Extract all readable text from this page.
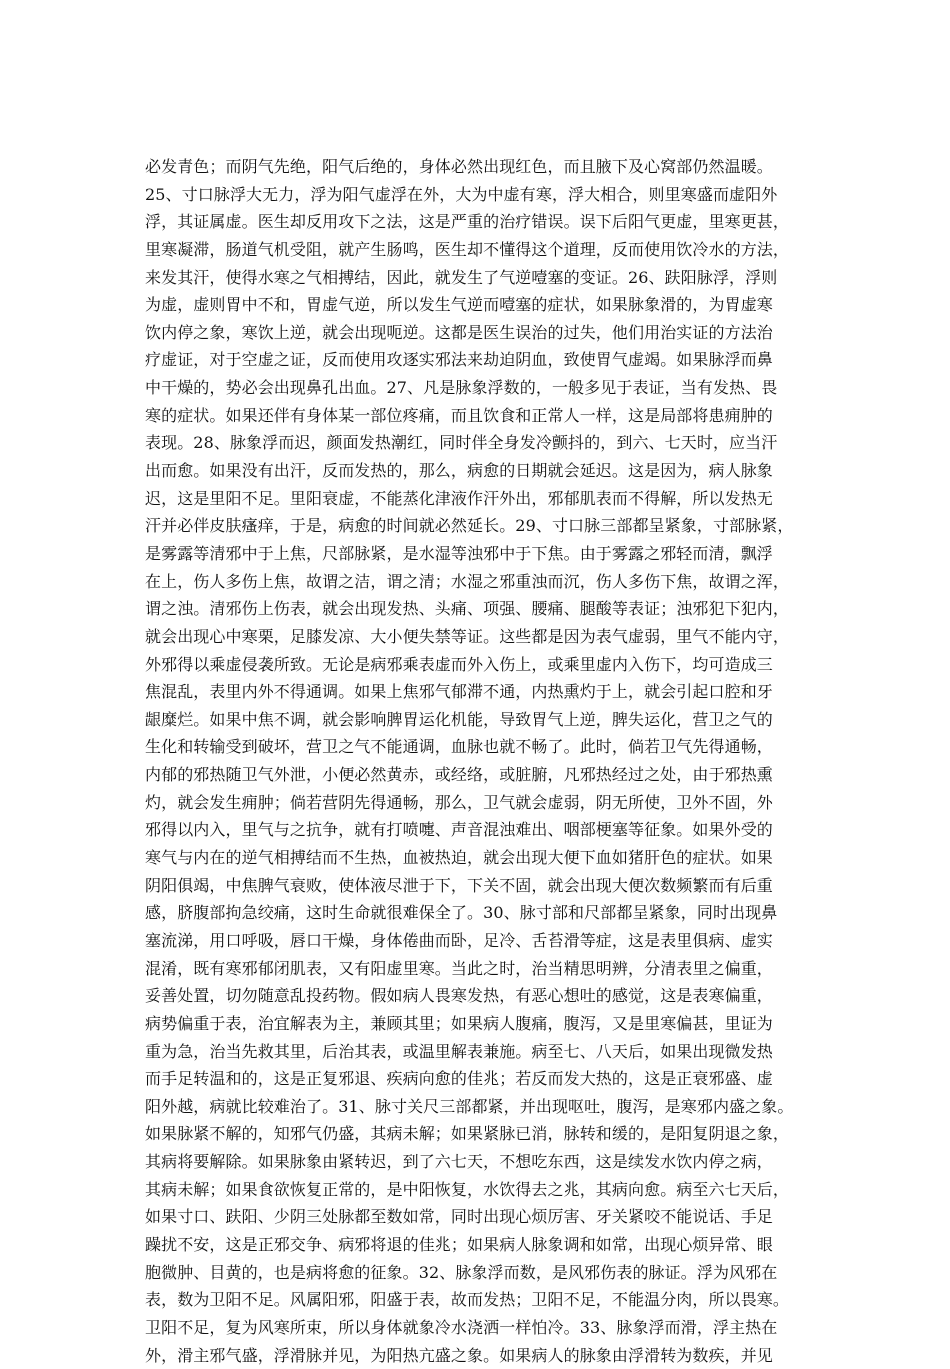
必发青色；而阴气先绝，阳气后绝的，身体必然出现红色，而且腋下及心窝部仍然温暖。
25、寸口脉浮大无力，浮为阳气虚浮在外，大为中虚有寒，浮大相合，则里寒盛而虚阳外
浮，其证属虚。医生却反用攻下之法，这是严重的治疗错误。误下后阳气更虚，里寒更甚，
里寒凝滞，肠道气机受阻，就产生肠鸣，医生却不懂得这个道理，反而使用饮冷水的方法，
来发其汗，使得水寒之气相搏结，因此，就发生了气逆噎塞的变证。26、趺阳脉浮，浮则
为虚，虚则胃中不和，胃虚气逆，所以发生气逆而噎塞的症状，如果脉象滑的，为胃虚寒
饮内停之象，寒饮上逆，就会出现呃逆。这都是医生误治的过失，他们用治实证的方法治
疗虚证，对于空虚之证，反而使用攻逐实邪法来劫迫阴血，致使胃气虚竭。如果脉浮而鼻
中干燥的，势必会出现鼻孔出血。27、凡是脉象浮数的，一般多见于表证，当有发热、畏
寒的症状。如果还伴有身体某一部位疼痛，而且饮食和正常人一样，这是局部将患痈肿的
表现。28、脉象浮而迟，颜面发热潮红，同时伴全身发冷颤抖的，到六、七天时，应当汗
出而愈。如果没有出汗，反而发热的，那么，病愈的日期就会延迟。这是因为，病人脉象
迟，这是里阳不足。里阳衰虚，不能蒸化津液作汗外出，邪郁肌表而不得解，所以发热无
汗并必伴皮肤瘙痒，于是，病愈的时间就必然延长。29、寸口脉三部都呈紧象，寸部脉紧，
是雾露等清邪中于上焦，尺部脉紧，是水湿等浊邪中于下焦。由于雾露之邪轻而清，飘浮
在上，伤人多伤上焦，故谓之洁，谓之清；水湿之邪重浊而沉，伤人多伤下焦，故谓之浑，
谓之浊。清邪伤上伤表，就会出现发热、头痛、项强、腰痛、腿酸等表证；浊邪犯下犯内，
就会出现心中寒栗，足膝发凉、大小便失禁等证。这些都是因为表气虚弱，里气不能内守，
外邪得以乘虚侵袭所致。无论是病邪乘表虚而外入伤上，或乘里虚内入伤下，均可造成三
焦混乱，表里内外不得通调。如果上焦邪气郁滞不通，内热熏灼于上，就会引起口腔和牙
龈糜烂。如果中焦不调，就会影响脾胃运化机能，导致胃气上逆，脾失运化，营卫之气的
生化和转输受到破坏，营卫之气不能通调，血脉也就不畅了。此时，倘若卫气先得通畅，
内郁的邪热随卫气外泄，小便必然黄赤，或经络，或脏腑，凡邪热经过之处，由于邪热熏
灼，就会发生痈肿；倘若营阴先得通畅，那么，卫气就会虚弱，阴无所使，卫外不固，外
邪得以内入，里气与之抗争，就有打喷嚏、声音混浊难出、咽部梗塞等征象。如果外受的
寒气与内在的逆气相搏结而不生热，血被热迫，就会出现大便下血如猪肝色的症状。如果
阴阳俱竭，中焦脾气衰败，使体液尽泄于下，下关不固，就会出现大便次数频繁而有后重
感，脐腹部拘急绞痛，这时生命就很难保全了。30、脉寸部和尺部都呈紧象，同时出现鼻
塞流涕，用口呼吸，唇口干燥，身体倦曲而卧，足冷、舌苔滑等症，这是表里俱病、虚实
混淆，既有寒邪郁闭肌表，又有阳虚里寒。当此之时，治当精思明辨，分清表里之偏重，
妥善处置，切勿随意乱投药物。假如病人畏寒发热，有恶心想吐的感觉，这是表寒偏重，
病势偏重于表，治宜解表为主，兼顾其里；如果病人腹痛，腹泻，又是里寒偏甚，里证为
重为急，治当先救其里，后治其表，或温里解表兼施。病至七、八天后，如果出现微发热
而手足转温和的，这是正复邪退、疾病向愈的佳兆；若反而发大热的，这是正衰邪盛、虚
阳外越，病就比较难治了。31、脉寸关尺三部都紧，并出现呕吐，腹泻，是寒邪内盛之象。
如果脉紧不解的，知邪气仍盛，其病未解；如果紧脉已消，脉转和缓的，是阳复阴退之象，
其病将要解除。如果脉象由紧转迟，到了六七天，不想吃东西，这是续发水饮内停之病，
其病未解；如果食欲恢复正常的，是中阳恢复，水饮得去之兆，其病向愈。病至六七天后，
如果寸口、趺阳、少阴三处脉都至数如常，同时出现心烦厉害、牙关紧咬不能说话、手足
躁扰不安，这是正邪交争、病邪将退的佳兆；如果病人脉象调和如常，出现心烦异常、眼
胞微肿、目黄的，也是病将愈的征象。32、脉象浮而数，是风邪伤表的脉证。浮为风邪在
表，数为卫阳不足。风属阳邪，阳盛于表，故而发热；卫阳不足，不能温分肉，所以畏寒。
卫阳不足，复为风寒所束，所以身体就象冷水浇洒一样怕冷。33、脉象浮而滑，浮主热在
外，滑主邪气盛，浮滑脉并见，为阳热亢盛之象。如果病人的脉象由浮滑转为数疾，并见
